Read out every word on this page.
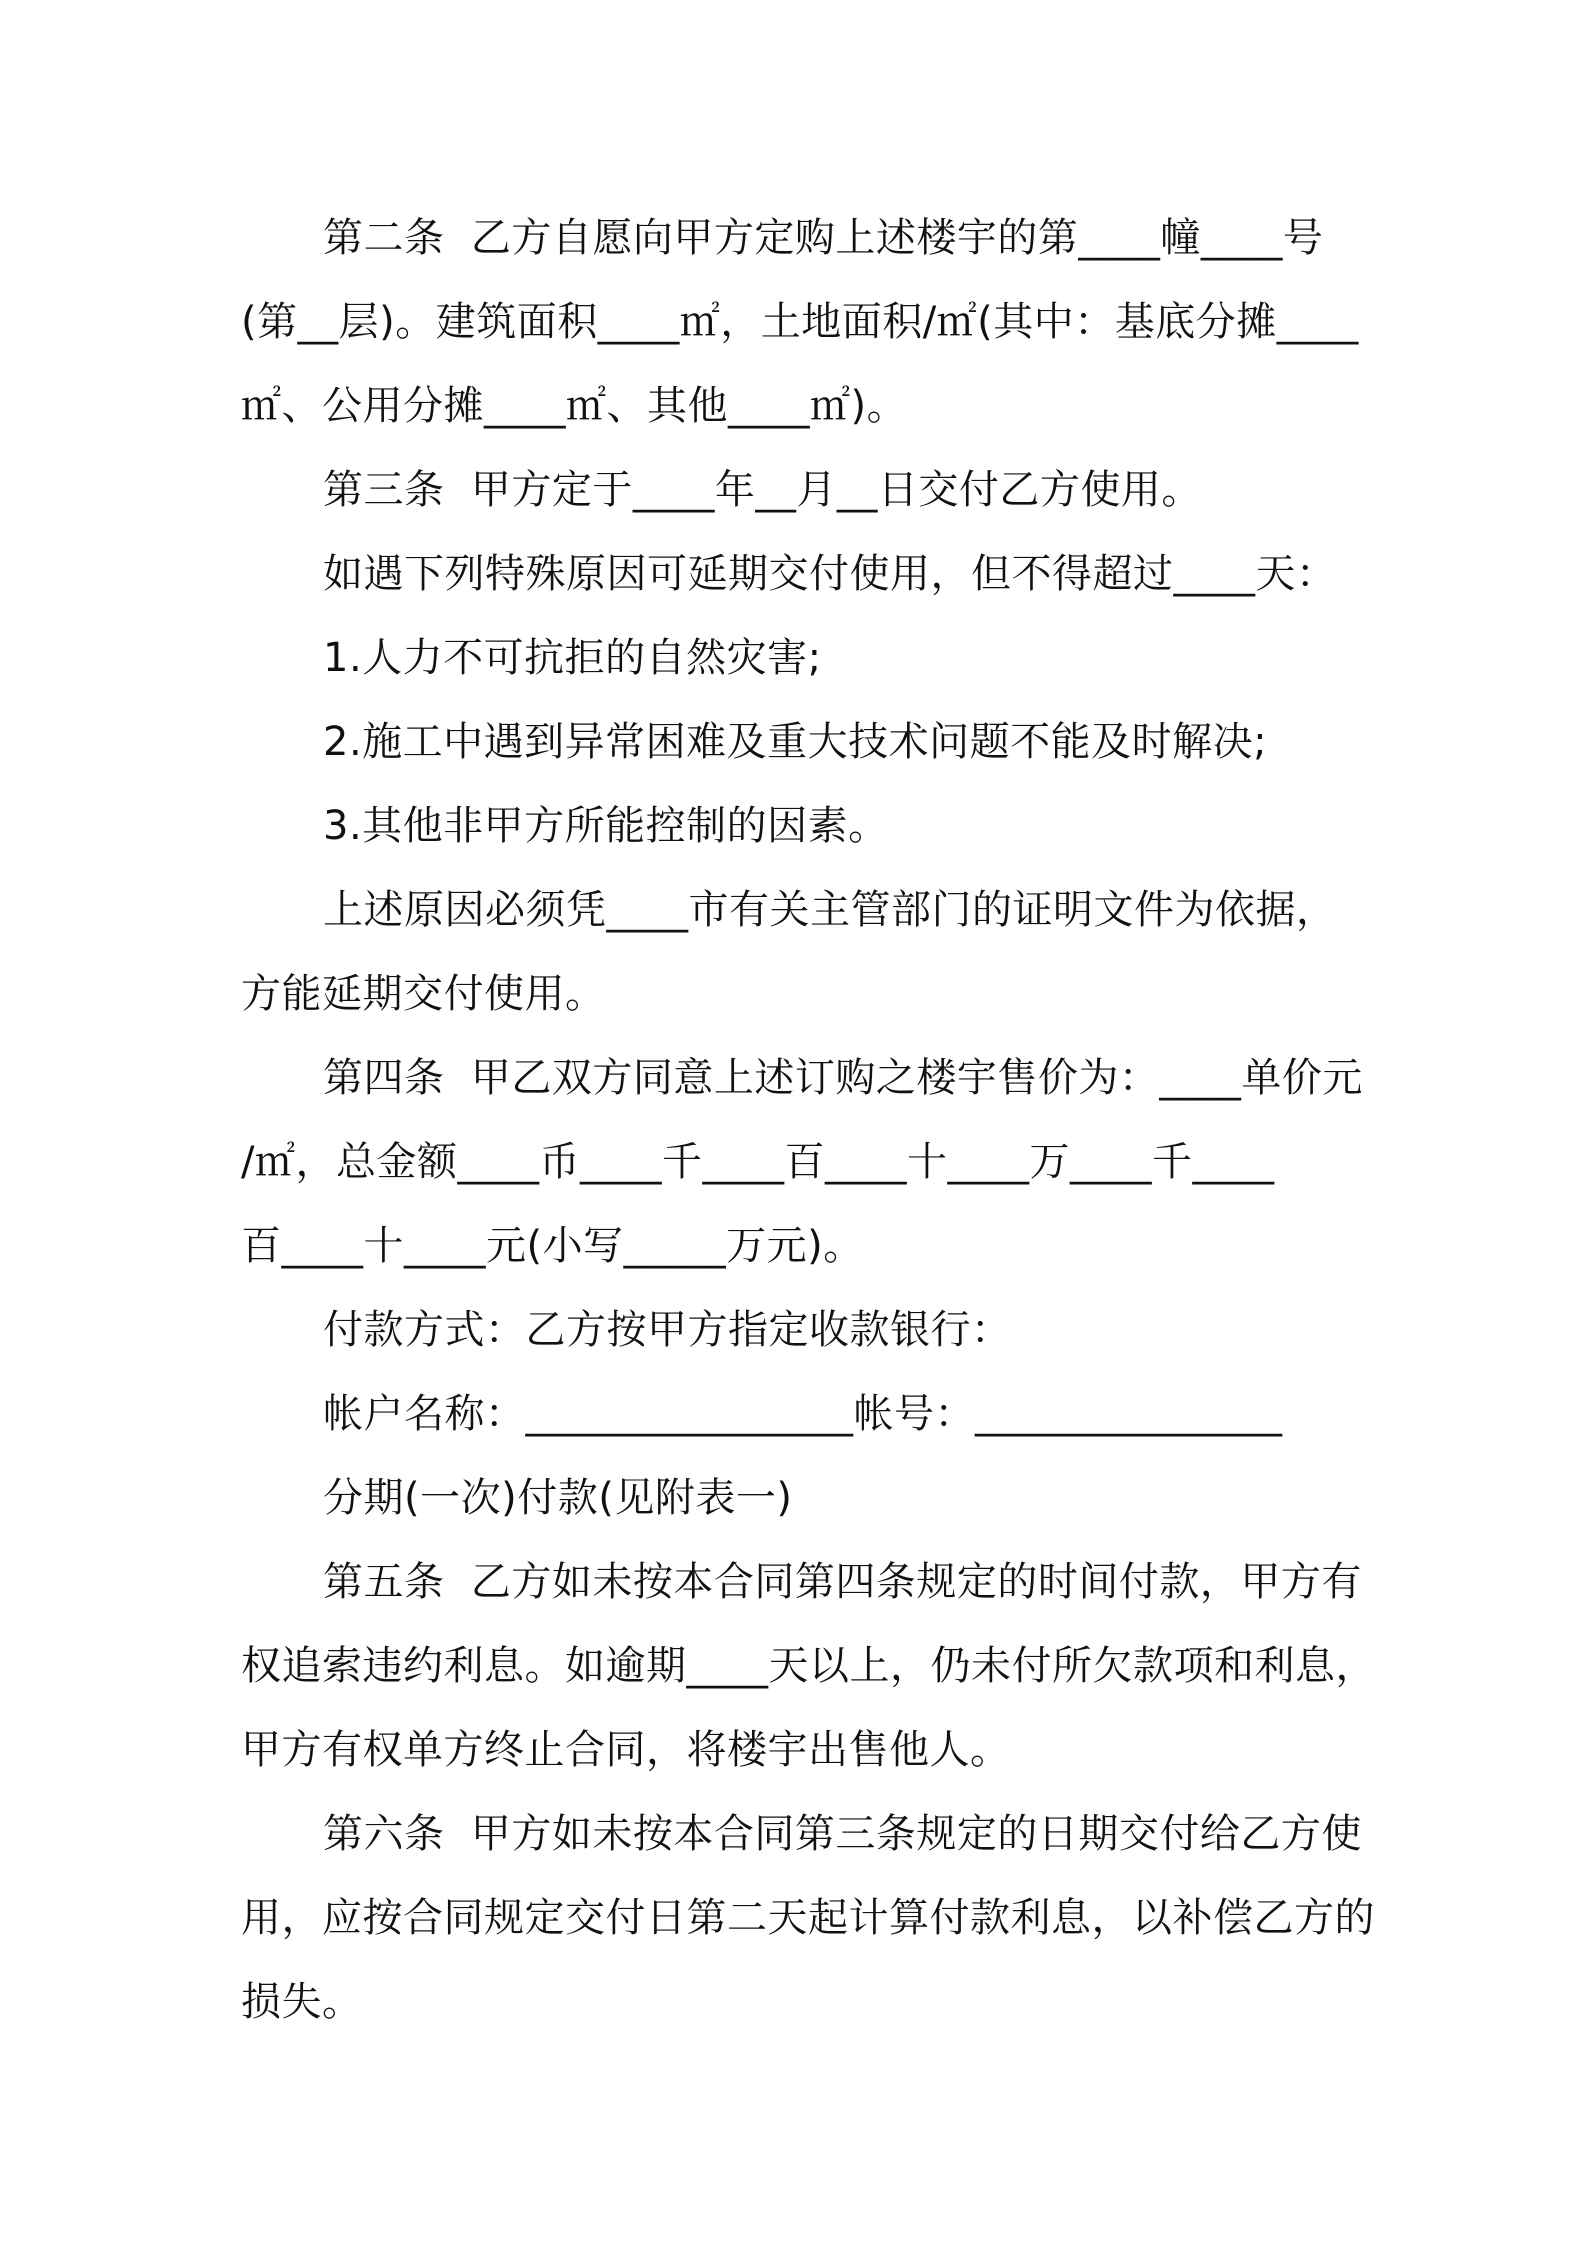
第二条  乙方自愿向甲方定购上述楼宇的第____幢____号
(第__层)。建筑面积____㎡，土地面积/㎡(其中：基底分摊____
㎡、公用分摊____㎡、其他____㎡)。
第三条  甲方定于____年__月__日交付乙方使用。
如遇下列特殊原因可延期交付使用，但不得超过____天：
1.人力不可抗拒的自然灾害;
2.施工中遇到异常困难及重大技术问题不能及时解决;
3.其他非甲方所能控制的因素。
上述原因必须凭____市有关主管部门的证明文件为依据，
方能延期交付使用。
第四条  甲乙双方同意上述订购之楼宇售价为：____单价元
/㎡，总金额____币____千____百____十____万____千____
百____十____元(小写_____万元)。
付款方式：乙方按甲方指定收款银行：
帐户名称：________________帐号：_______________
分期(一次)付款(见附表一)
第五条  乙方如未按本合同第四条规定的时间付款，甲方有
权追索违约利息。如逾期____天以上，仍未付所欠款项和利息，
甲方有权单方终止合同，将楼宇出售他人。
第六条  甲方如未按本合同第三条规定的日期交付给乙方使
用，应按合同规定交付日第二天起计算付款利息，以补偿乙方的
损失。
